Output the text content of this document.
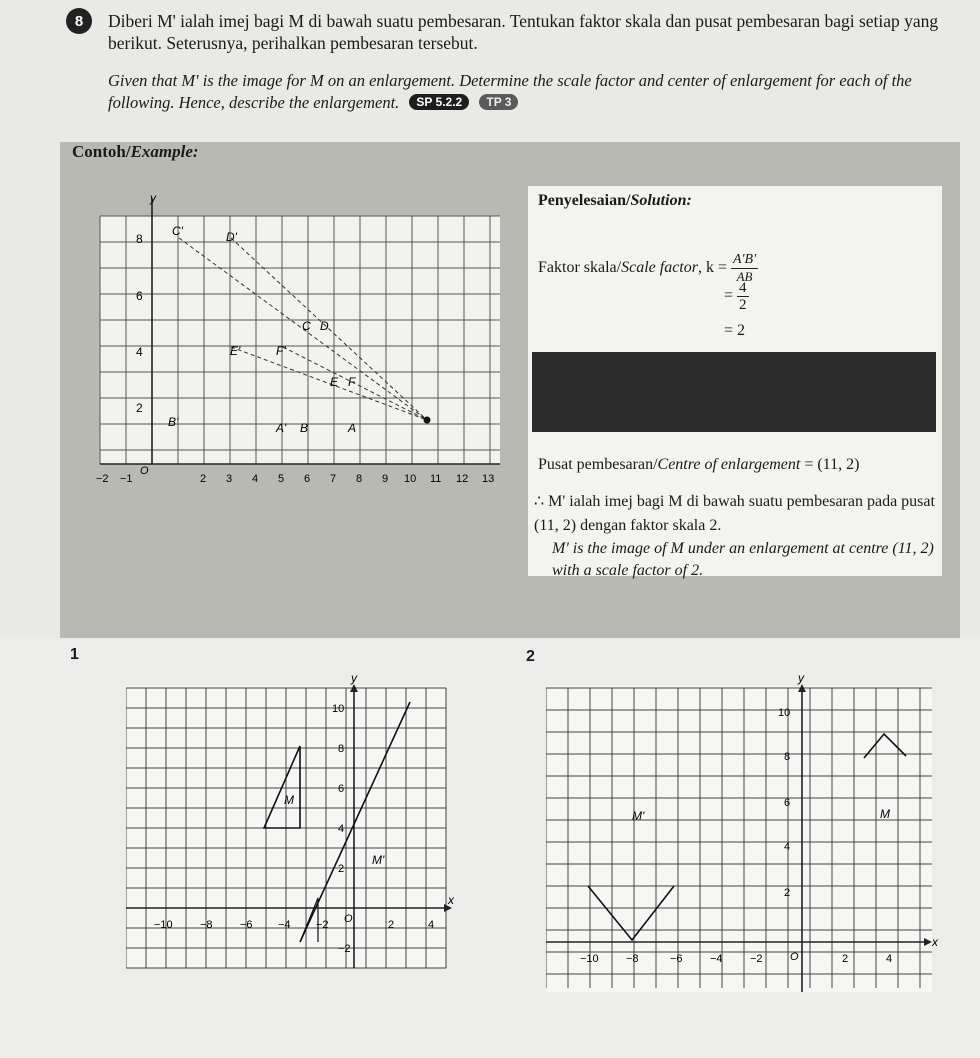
8	Diberi M' ialah imej bagi M di bawah suatu pembesaran. Tentukan faktor skala dan pusat pembesaran bagi setiap yang berikut. Seterusnya, perihalkan pembesaran tersebut.
Given that M' is the image for M on an enlargement. Determine the scale factor and center of enlargement for each of the following. Hence, describe the enlargement. SP 5.2.2 TP 3
Contoh/Example:
y
8
6
4
2
−2 −1
O
2 3 4 5 6 7 8 9 10 11 12 13
C'	D'
C D
E'	F'
E F
B'	A' B	A
Penyelesaian/Solution:
Faktor skala/Scale factor, $k = \frac{A'B'}{AB}$
= $\frac{4}{2}$
= 2
Pusat pembesaran/Centre of enlargement = (11, 2)
∴ M' ialah imej bagi M di bawah suatu pembesaran pada pusat (11, 2) dengan faktor skala 2.
M' is the image of M under an enlargement at centre (11, 2) with a scale factor of 2.
1	2
y
x
M
M'
10
8
6
4
2
−2
−10 −8 −6 −4 −2 O	2	4
y
x
M'	M
10
8
6
4
2
−10 −8	−6 −4 −2 O	2	4
